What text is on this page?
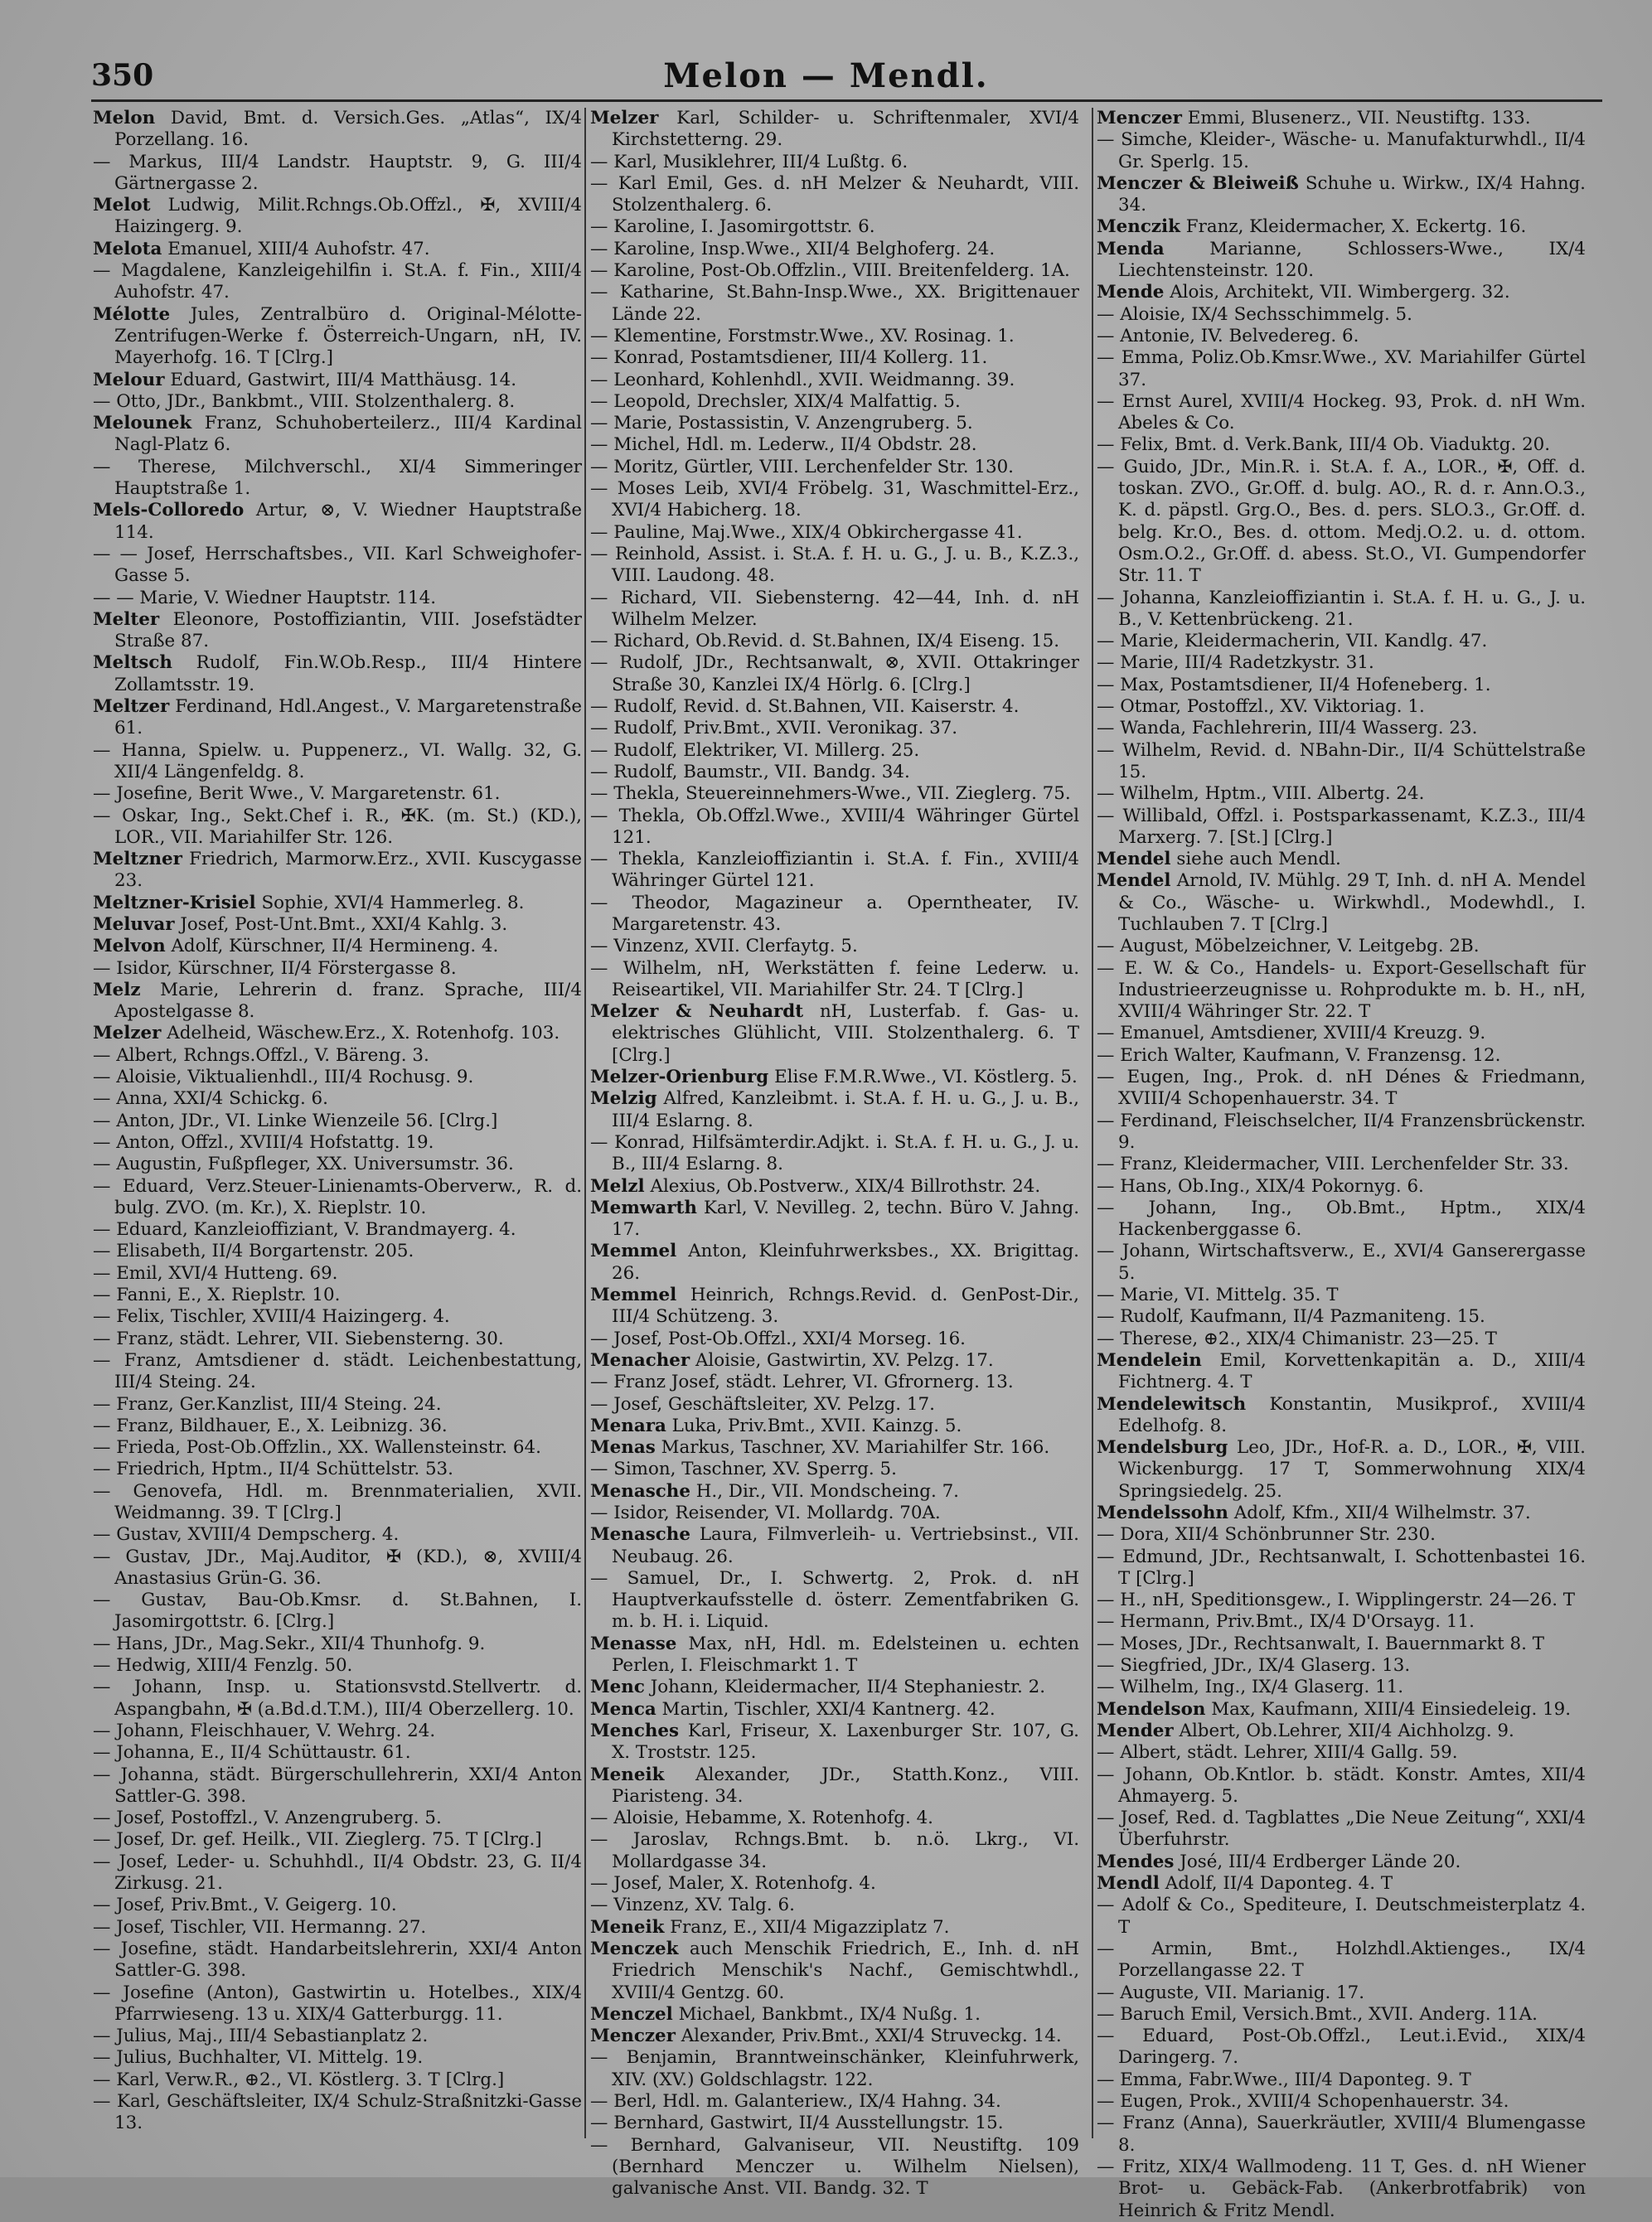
350	Melon — Mendl.

Melon David, Bmt. d. Versich.Ges. „Atlas“, IX/4 Porzellang. 16.

— Markus, III/4 Landstr. Hauptstr. 9, G. III/4 Gärtnergasse 2.

Melot Ludwig, Milit.Rchngs.Ob.Offzl., ✠, XVIII/4 Haizingerg. 9.

Melota Emanuel, XIII/4 Auhofstr. 47.

— Magdalene, Kanzleigehilfin i. St.A. f. Fin., XIII/4 Auhofstr. 47.

Mélotte Jules, Zentralbüro d. Original-Mélotte-Zentrifugen-Werke f. Österreich-Ungarn, nH, IV. Mayerhofg. 16. T [Clrg.]

Melour Eduard, Gastwirt, III/4 Matthäusg. 14.

— Otto, JDr., Bankbmt., VIII. Stolzenthalerg. 8.

Melounek Franz, Schuhoberteilerz., III/4 Kardinal Nagl-Platz 6.

— Therese, Milchverschl., XI/4 Simmeringer Hauptstraße 1.

Mels-Colloredo Artur, ⊗, V. Wiedner Hauptstraße 114.

— — Josef, Herrschaftsbes., VII. Karl Schweighofer-Gasse 5.

— — Marie, V. Wiedner Hauptstr. 114.

Melter Eleonore, Postoffiziantin, VIII. Josefstädter Straße 87.

Meltsch Rudolf, Fin.W.Ob.Resp., III/4 Hintere Zollamtsstr. 19.

Meltzer Ferdinand, Hdl.Angest., V. Margaretenstraße 61.

— Hanna, Spielw. u. Puppenerz., VI. Wallg. 32, G. XII/4 Längenfeldg. 8.

— Josefine, Berit Wwe., V. Margaretenstr. 61.

— Oskar, Ing., Sekt.Chef i. R., ✠K. (m. St.) (KD.), LOR., VII. Mariahilfer Str. 126.

Meltzner Friedrich, Marmorw.Erz., XVII. Kuscygasse 23.

Meltzner-Krisiel Sophie, XVI/4 Hammerleg. 8.

Meluvar Josef, Post-Unt.Bmt., XXI/4 Kahlg. 3.

Melvon Adolf, Kürschner, II/4 Hermineng. 4.

— Isidor, Kürschner, II/4 Förstergasse 8.

Melz Marie, Lehrerin d. franz. Sprache, III/4 Apostelgasse 8.

Melzer Adelheid, Wäschew.Erz., X. Rotenhofg. 103.

— Albert, Rchngs.Offzl., V. Bäreng. 3.

— Aloisie, Viktualienhdl., III/4 Rochusg. 9.

— Anna, XXI/4 Schickg. 6.

— Anton, JDr., VI. Linke Wienzeile 56. [Clrg.]

— Anton, Offzl., XVIII/4 Hofstattg. 19.

— Augustin, Fußpfleger, XX. Universumstr. 36.

— Eduard, Verz.Steuer-Linienamts-Oberverw., R. d. bulg. ZVO. (m. Kr.), X. Rieplstr. 10.

— Eduard, Kanzleioffiziant, V. Brandmayerg. 4.

— Elisabeth, II/4 Borgartenstr. 205.

— Emil, XVI/4 Hutteng. 69.

— Fanni, E., X. Rieplstr. 10.

— Felix, Tischler, XVIII/4 Haizingerg. 4.

— Franz, städt. Lehrer, VII. Siebensterng. 30.

— Franz, Amtsdiener d. städt. Leichenbestattung, III/4 Steing. 24.

— Franz, Ger.Kanzlist, III/4 Steing. 24.

— Franz, Bildhauer, E., X. Leibnizg. 36.

— Frieda, Post-Ob.Offzlin., XX. Wallensteinstr. 64.

— Friedrich, Hptm., II/4 Schüttelstr. 53.

— Genovefa, Hdl. m. Brennmaterialien, XVII. Weidmanng. 39. T [Clrg.]

— Gustav, XVIII/4 Dempscherg. 4.

— Gustav, JDr., Maj.Auditor, ✠ (KD.), ⊗, XVIII/4 Anastasius Grün-G. 36.

— Gustav, Bau-Ob.Kmsr. d. St.Bahnen, I. Jasomirgottstr. 6. [Clrg.]

— Hans, JDr., Mag.Sekr., XII/4 Thunhofg. 9.

— Hedwig, XIII/4 Fenzlg. 50.

— Johann, Insp. u. Stationsvstd.Stellvertr. d. Aspangbahn, ✠ (a.Bd.d.T.M.), III/4 Oberzellerg. 10.

— Johann, Fleischhauer, V. Wehrg. 24.

— Johanna, E., II/4 Schüttaustr. 61.

— Johanna, städt. Bürgerschullehrerin, XXI/4 Anton Sattler-G. 398.

— Josef, Postoffzl., V. Anzengruberg. 5.

— Josef, Dr. gef. Heilk., VII. Zieglerg. 75. T [Clrg.]

— Josef, Leder- u. Schuhhdl., II/4 Obdstr. 23, G. II/4 Zirkusg. 21.

— Josef, Priv.Bmt., V. Geigerg. 10.

— Josef, Tischler, VII. Hermanng. 27.

— Josefine, städt. Handarbeitslehrerin, XXI/4 Anton Sattler-G. 398.

— Josefine (Anton), Gastwirtin u. Hotelbes., XIX/4 Pfarrwieseng. 13 u. XIX/4 Gatterburgg. 11.

— Julius, Maj., III/4 Sebastianplatz 2.

— Julius, Buchhalter, VI. Mittelg. 19.

— Karl, Verw.R., ⊕2., VI. Köstlerg. 3. T [Clrg.]

— Karl, Geschäftsleiter, IX/4 Schulz-Straßnitzki-Gasse 13.

Melzer Karl, Schilder- u. Schriftenmaler, XVI/4 Kirchstetterng. 29.

— Karl, Musiklehrer, III/4 Lußtg. 6.

— Karl Emil, Ges. d. nH Melzer & Neuhardt, VIII. Stolzenthalerg. 6.

— Karoline, I. Jasomirgottstr. 6.

— Karoline, Insp.Wwe., XII/4 Belghoferg. 24.

— Karoline, Post-Ob.Offzlin., VIII. Breitenfelderg. 1A.

— Katharine, St.Bahn-Insp.Wwe., XX. Brigittenauer Lände 22.

— Klementine, Forstmstr.Wwe., XV. Rosinag. 1.

— Konrad, Postamtsdiener, III/4 Kollerg. 11.

— Leonhard, Kohlenhdl., XVII. Weidmanng. 39.

— Leopold, Drechsler, XIX/4 Malfattig. 5.

— Marie, Postassistin, V. Anzengruberg. 5.

— Michel, Hdl. m. Lederw., II/4 Obdstr. 28.

— Moritz, Gürtler, VIII. Lerchenfelder Str. 130.

— Moses Leib, XVI/4 Fröbelg. 31, Waschmittel-Erz., XVI/4 Habicherg. 18.

— Pauline, Maj.Wwe., XIX/4 Obkirchergasse 41.

— Reinhold, Assist. i. St.A. f. H. u. G., J. u. B., K.Z.3., VIII. Laudong. 48.

— Richard, VII. Siebensterng. 42—44, Inh. d. nH Wilhelm Melzer.

— Richard, Ob.Revid. d. St.Bahnen, IX/4 Eiseng. 15.

— Rudolf, JDr., Rechtsanwalt, ⊗, XVII. Ottakringer Straße 30, Kanzlei IX/4 Hörlg. 6. [Clrg.]

— Rudolf, Revid. d. St.Bahnen, VII. Kaiserstr. 4.

— Rudolf, Priv.Bmt., XVII. Veronikag. 37.

— Rudolf, Elektriker, VI. Millerg. 25.

— Rudolf, Baumstr., VII. Bandg. 34.

— Thekla, Steuereinnehmers-Wwe., VII. Zieglerg. 75.

— Thekla, Ob.Offzl.Wwe., XVIII/4 Währinger Gürtel 121.

— Thekla, Kanzleioffiziantin i. St.A. f. Fin., XVIII/4 Währinger Gürtel 121.

— Theodor, Magazineur a. Operntheater, IV. Margaretenstr. 43.

— Vinzenz, XVII. Clerfaytg. 5.

— Wilhelm, nH, Werkstätten f. feine Lederw. u. Reiseartikel, VII. Mariahilfer Str. 24. T [Clrg.]

Melzer & Neuhardt nH, Lusterfab. f. Gas- u. elektrisches Glühlicht, VIII. Stolzenthalerg. 6. T [Clrg.]

Melzer-Orienburg Elise F.M.R.Wwe., VI. Köstlerg. 5.

Melzig Alfred, Kanzleibmt. i. St.A. f. H. u. G., J. u. B., III/4 Eslarng. 8.

— Konrad, Hilfsämterdir.Adjkt. i. St.A. f. H. u. G., J. u. B., III/4 Eslarng. 8.

Melzl Alexius, Ob.Postverw., XIX/4 Billrothstr. 24.

Memwarth Karl, V. Nevilleg. 2, techn. Büro V. Jahng. 17.

Memmel Anton, Kleinfuhrwerksbes., XX. Brigittag. 26.

Memmel Heinrich, Rchngs.Revid. d. GenPost-Dir., III/4 Schützeng. 3.

— Josef, Post-Ob.Offzl., XXI/4 Morseg. 16.

Menacher Aloisie, Gastwirtin, XV. Pelzg. 17.

— Franz Josef, städt. Lehrer, VI. Gfrornerg. 13.

— Josef, Geschäftsleiter, XV. Pelzg. 17.

Menara Luka, Priv.Bmt., XVII. Kainzg. 5.

Menas Markus, Taschner, XV. Mariahilfer Str. 166.

— Simon, Taschner, XV. Sperrg. 5.

Menasche H., Dir., VII. Mondscheing. 7.

— Isidor, Reisender, VI. Mollardg. 70A.

Menasche Laura, Filmverleih- u. Vertriebsinst., VII. Neubaug. 26.

— Samuel, Dr., I. Schwertg. 2, Prok. d. nH Hauptverkaufsstelle d. österr. Zementfabriken G. m. b. H. i. Liquid.

Menasse Max, nH, Hdl. m. Edelsteinen u. echten Perlen, I. Fleischmarkt 1. T

Menc Johann, Kleidermacher, II/4 Stephaniestr. 2.

Menca Martin, Tischler, XXI/4 Kantnerg. 42.

Menches Karl, Friseur, X. Laxenburger Str. 107, G. X. Troststr. 125.

Meneik Alexander, JDr., Statth.Konz., VIII. Piaristeng. 34.

— Aloisie, Hebamme, X. Rotenhofg. 4.

— Jaroslav, Rchngs.Bmt. b. n.ö. Lkrg., VI. Mollardgasse 34.

— Josef, Maler, X. Rotenhofg. 4.

— Vinzenz, XV. Talg. 6.

Meneik Franz, E., XII/4 Migazziplatz 7.

Menczek auch Menschik Friedrich, E., Inh. d. nH Friedrich Menschik's Nachf., Gemischtwhdl., XVIII/4 Gentzg. 60.

Menczel Michael, Bankbmt., IX/4 Nußg. 1.

Menczer Alexander, Priv.Bmt., XXI/4 Struveckg. 14.

— Benjamin, Branntweinschänker, Kleinfuhrwerk, XIV. (XV.) Goldschlagstr. 122.

— Berl, Hdl. m. Galanteriew., IX/4 Hahng. 34.

— Bernhard, Gastwirt, II/4 Ausstellungstr. 15.

— Bernhard, Galvaniseur, VII. Neustiftg. 109 (Bernhard Menczer u. Wilhelm Nielsen), galvanische Anst. VII. Bandg. 32. T

Menczer Emmi, Blusenerz., VII. Neustiftg. 133.

— Simche, Kleider-, Wäsche- u. Manufakturwhdl., II/4 Gr. Sperlg. 15.

Menczer & Bleiweiß Schuhe u. Wirkw., IX/4 Hahng. 34.

Menczik Franz, Kleidermacher, X. Eckertg. 16.

Menda	Marianne, Schlossers-Wwe., IX/4 Liechtensteinstr. 120.

Mende Alois, Architekt, VII. Wimbergerg. 32.

— Aloisie, IX/4 Sechsschimmelg. 5.

— Antonie, IV. Belvedereg. 6.

— Emma, Poliz.Ob.Kmsr.Wwe., XV. Mariahilfer Gürtel 37.

— Ernst Aurel, XVIII/4 Hockeg. 93, Prok. d. nH Wm. Abeles & Co.

— Felix, Bmt. d. Verk.Bank, III/4 Ob. Viaduktg. 20.

— Guido, JDr., Min.R. i. St.A. f. A., LOR., ✠, Off. d. toskan. ZVO., Gr.Off. d. bulg. AO., R. d. r. Ann.O.3., K. d. päpstl. Grg.O., Bes. d. pers. SLO.3., Gr.Off. d. belg. Kr.O., Bes. d. ottom. Medj.O.2. u. d. ottom. Osm.O.2., Gr.Off. d. abess. St.O., VI. Gumpendorfer Str. 11. T

— Johanna, Kanzleioffiziantin i. St.A. f. H. u. G., J. u. B., V. Kettenbrückeng. 21.

— Marie, Kleidermacherin, VII. Kandlg. 47.

— Marie, III/4 Radetzkystr. 31.

— Max, Postamtsdiener, II/4 Hofeneberg. 1.

— Otmar, Postoffzl., XV. Viktoriag. 1.

— Wanda, Fachlehrerin, III/4 Wasserg. 23.

— Wilhelm, Revid. d. NBahn-Dir., II/4 Schüttelstraße 15.

— Wilhelm, Hptm., VIII. Albertg. 24.

— Willibald, Offzl. i. Postsparkassenamt, K.Z.3., III/4 Marxerg. 7. [St.] [Clrg.]

Mendel siehe auch Mendl.

Mendel Arnold, IV. Mühlg. 29 T, Inh. d. nH A. Mendel & Co., Wäsche- u. Wirkwhdl., Modewhdl., I. Tuchlauben 7. T [Clrg.]

— August, Möbelzeichner, V. Leitgebg. 2B.

— E. W. & Co., Handels- u. Export-Gesellschaft für Industrieerzeugnisse u. Rohprodukte m. b. H., nH, XVIII/4 Währinger Str. 22. T

— Emanuel, Amtsdiener, XVIII/4 Kreuzg. 9.

— Erich Walter, Kaufmann, V. Franzensg. 12.

— Eugen, Ing., Prok. d. nH Dénes & Friedmann, XVIII/4 Schopenhauerstr. 34. T

— Ferdinand, Fleischselcher, II/4 Franzensbrückenstr. 9.

— Franz, Kleidermacher, VIII. Lerchenfelder Str. 33.

— Hans, Ob.Ing., XIX/4 Pokornyg. 6.

— Johann, Ing., Ob.Bmt., Hptm., XIX/4 Hackenberggasse 6.

— Johann, Wirtschaftsverw., E., XVI/4 Ganserergasse 5.

— Marie, VI. Mittelg. 35. T

— Rudolf, Kaufmann, II/4 Pazmaniteng. 15.

— Therese, ⊕2., XIX/4 Chimanistr. 23—25. T

Mendelein Emil, Korvettenkapitän a. D., XIII/4 Fichtnerg. 4. T

Mendelewitsch Konstantin, Musikprof., XVIII/4 Edelhofg. 8.

Mendelsburg Leo, JDr., Hof-R. a. D., LOR., ✠, VIII. Wickenburgg. 17 T, Sommerwohnung XIX/4 Springsiedelg. 25.

Mendelssohn Adolf, Kfm., XII/4 Wilhelmstr. 37.

— Dora, XII/4 Schönbrunner Str. 230.

— Edmund, JDr., Rechtsanwalt, I. Schottenbastei 16. T [Clrg.]

— H., nH, Speditionsgew., I. Wipplingerstr. 24—26. T

— Hermann, Priv.Bmt., IX/4 D'Orsayg. 11.

— Moses, JDr., Rechtsanwalt, I. Bauernmarkt 8. T

— Siegfried, JDr., IX/4 Glaserg. 13.

— Wilhelm, Ing., IX/4 Glaserg. 11.

Mendelson Max, Kaufmann, XIII/4 Einsiedeleig. 19.

Mender Albert, Ob.Lehrer, XII/4 Aichholzg. 9.

— Albert, städt. Lehrer, XIII/4 Gallg. 59.

— Johann, Ob.Kntlor. b. städt. Konstr. Amtes, XII/4 Ahmayerg. 5.

— Josef, Red. d. Tagblattes „Die Neue Zeitung“, XXI/4 Überfuhrstr.

Mendes José, III/4 Erdberger Lände 20.

Mendl Adolf, II/4 Daponteg. 4. T

— Adolf & Co., Spediteure, I. Deutschmeisterplatz 4. T

— Armin, Bmt., Holzhdl.Aktienges., IX/4 Porzellangasse 22. T

— Auguste, VII. Marianig. 17.

— Baruch Emil, Versich.Bmt., XVII. Anderg. 11A.

— Eduard, Post-Ob.Offzl., Leut.i.Evid., XIX/4 Daringerg. 7.

— Emma, Fabr.Wwe., III/4 Daponteg. 9. T

— Eugen, Prok., XVIII/4 Schopenhauerstr. 34.

— Franz (Anna), Sauerkräutler, XVIII/4 Blumengasse 8.

— Fritz, XIX/4 Wallmodeng. 11 T, Ges. d. nH Wiener Brot- u. Gebäck-Fab. (Ankerbrotfabrik) von Heinrich & Fritz Mendl.
